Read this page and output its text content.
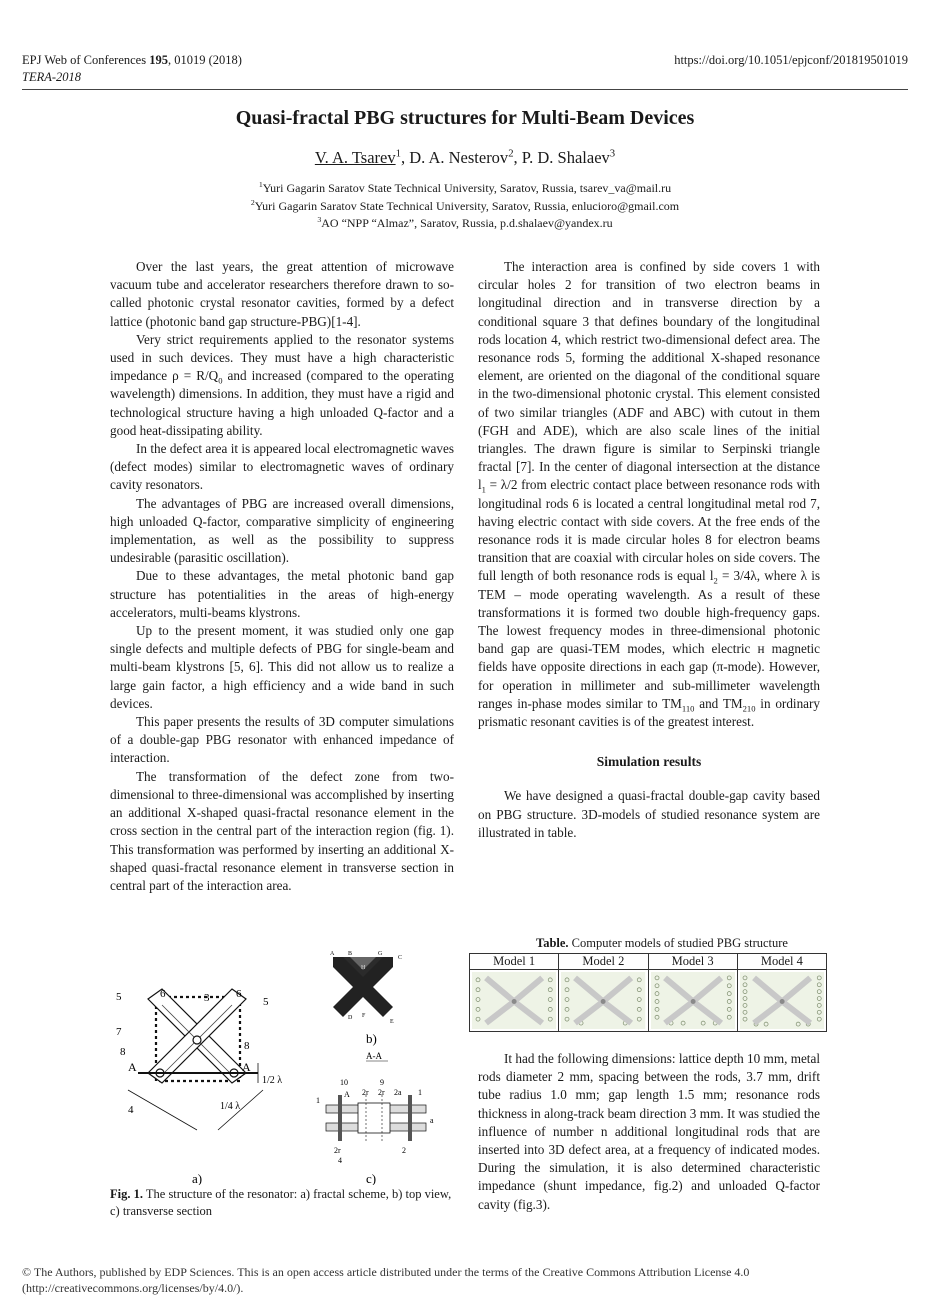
EPJ Web of Conferences 195, 01019 (2018)
TERA-2018
https://doi.org/10.1051/epjconf/201819501019
Quasi-fractal PBG structures for Multi-Beam Devices
V. A. Tsarev$^1$, D. A. Nesterov$^2$, P. D. Shalaev$^3$
$^1$Yuri Gagarin Saratov State Technical University, Saratov, Russia, tsarev_va@mail.ru
$^2$Yuri Gagarin Saratov State Technical University, Saratov, Russia, enlucioro@gmail.com
$^3$AO “NPP “Almaz”, Saratov, Russia, p.d.shalaev@yandex.ru

Over the last years, the great attention of microwave vacuum tube and accelerator researchers therefore drawn to so-called photonic crystal resonator cavities, formed by a defect lattice (photonic band gap structure-PBG)[1-4].

Very strict requirements applied to the resonator systems used in such devices. They must have a high characteristic impedance $\rho = R/Q_0$ and increased (compared to the operating wavelength) dimensions. In addition, they must have a rigid and technological structure having a high unloaded Q-factor and a good heat-dissipating ability.

In the defect area it is appeared local electromagnetic waves (defect modes) similar to electromagnetic waves of ordinary cavity resonators.

The advantages of PBG are increased overall dimensions, high unloaded Q-factor, comparative simplicity of engineering implementation, as well as the possibility to suppress undesirable (parasitic oscillation).

Due to these advantages, the metal photonic band gap structure has potentialities in the areas of high-energy accelerators, multi-beams klystrons.

Up to the present moment, it was studied only one gap single defects and multiple defects of PBG for single-beam and multi-beam klystrons [5, 6]. This did not allow us to realize a large gain factor, a high efficiency and a wide band in such devices.

This paper presents the results of 3D computer simulations of a double-gap PBG resonator with enhanced impedance of interaction.

The transformation of the defect zone from two-dimensional to three-dimensional was accomplished by inserting an additional X-shaped quasi-fractal resonance element in the cross section in the central part of the interaction region (fig. 1). This transformation was performed by inserting an additional X-shaped quasi-fractal resonance element in transverse section in central part of the interaction area.

The interaction area is confined by side covers 1 with circular holes 2 for transition of two electron beams in longitudinal direction and in transverse direction by a conditional square 3 that defines boundary of the longitudinal rods location 4, which restrict two-dimensional defect area. The resonance rods 5, forming the additional X-shaped resonance element, are oriented on the diagonal of the conditional square in the two-dimensional photonic crystal. This element consisted of two similar triangles (ADF and ABC) with cutout in them (FGH and ADE), which are also scale lines of the initial triangles. The drawn figure is similar to Serpinski triangle fractal [7]. In the center of diagonal intersection at the distance $l_1 = \lambda/2$ from electric contact place between resonance rods with longitudinal rods 6 is located a central longitudinal metal rod 7, having electric contact with side covers. At the free ends of the resonance rods it is made circular holes 8 for electron beams transition that are coaxial with circular holes on side covers. The full length of both resonance rods is equal $l_2 = 3/4\lambda$, where λ is TEM – mode operating wavelength. As a result of these transformations it is formed two double high-frequency gaps. The lowest frequency modes in three-dimensional photonic band gap are quasi-TEM modes, which electric н magnetic fields have opposite directions in each gap (π-mode). However, for operation in millimeter and sub-millimeter wavelength ranges in-phase modes similar to $TM_{110}$ and $TM_{210}$ in ordinary prismatic resonant cavities is of the greatest interest.

Simulation results

We have designed a quasi-fractal double-gap cavity based on PBG structure. 3D-models of studied resonance system are illustrated in table.

Table. Computer models of studied PBG structure
Model 1	Model 2	Model 3	Model 4

It had the following dimensions: lattice depth 10 mm, metal rods diameter 2 mm, spacing between the rods, 3.7 mm, drift tube radius 1.0 mm; gap length 1.5 mm; resonance rods thickness in along-track beam direction 3 mm. It was studied the influence of number n additional longitudinal rods that are inserted into 3D defect area, at a frequency of indicated modes. During the simulation, it is also determined characteristic impedance (shunt impedance, fig.2) and unloaded Q-factor cavity (fig.3).

5	6	3 6
5
7
8	8
A	A
4
1/2 λ
1/4 λ
a)
A B
H
C
G
D
E
F
b)
A-A
10	9
2r 2r 2a
1
1
A
a
2r
4
2
c)
Fig. 1. The structure of the resonator: a) fractal scheme, b) top view, c) transverse section
© The Authors, published by EDP Sciences. This is an open access article distributed under the terms of the Creative Commons Attribution License 4.0 (http://creativecommons.org/licenses/by/4.0/).
